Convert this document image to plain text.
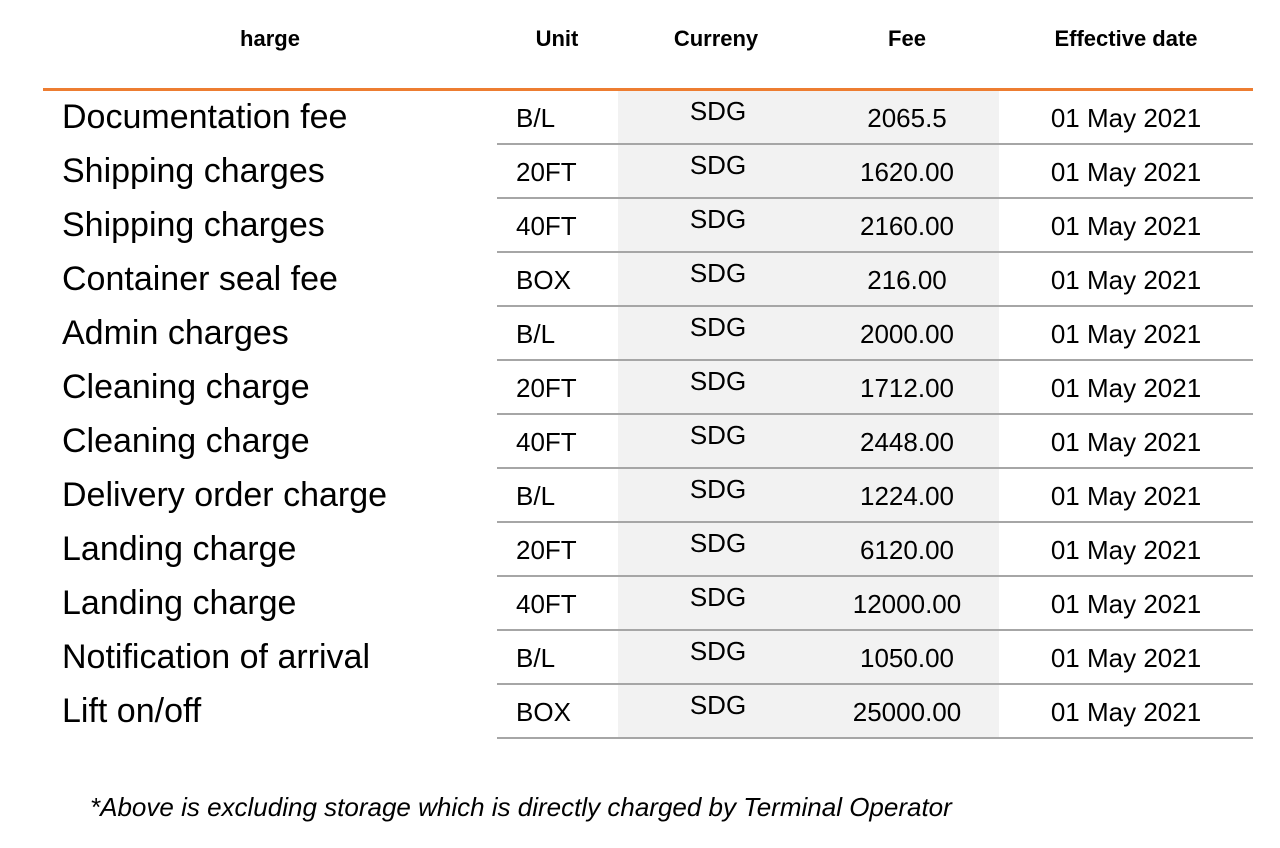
harge	Unit	Curreny	Fee	Effective date
Documentation fee	B/L	SDG	2065.5	01 May 2021
Shipping charges	20FT	SDG	1620.00	01 May 2021
Shipping charges	40FT	SDG	2160.00	01 May 2021
Container seal fee	BOX	SDG	216.00	01 May 2021
Admin charges	B/L	SDG	2000.00	01 May 2021
Cleaning charge	20FT	SDG	1712.00	01 May 2021
Cleaning charge	40FT	SDG	2448.00	01 May 2021
Delivery order charge	B/L	SDG	1224.00	01 May 2021
Landing charge	20FT	SDG	6120.00	01 May 2021
Landing charge	40FT	SDG	12000.00	01 May 2021
Notification of arrival	B/L	SDG	1050.00	01 May 2021
Lift on/off	BOX	SDG	25000.00	01 May 2021
*Above is excluding storage which is directly charged by Terminal Operator
